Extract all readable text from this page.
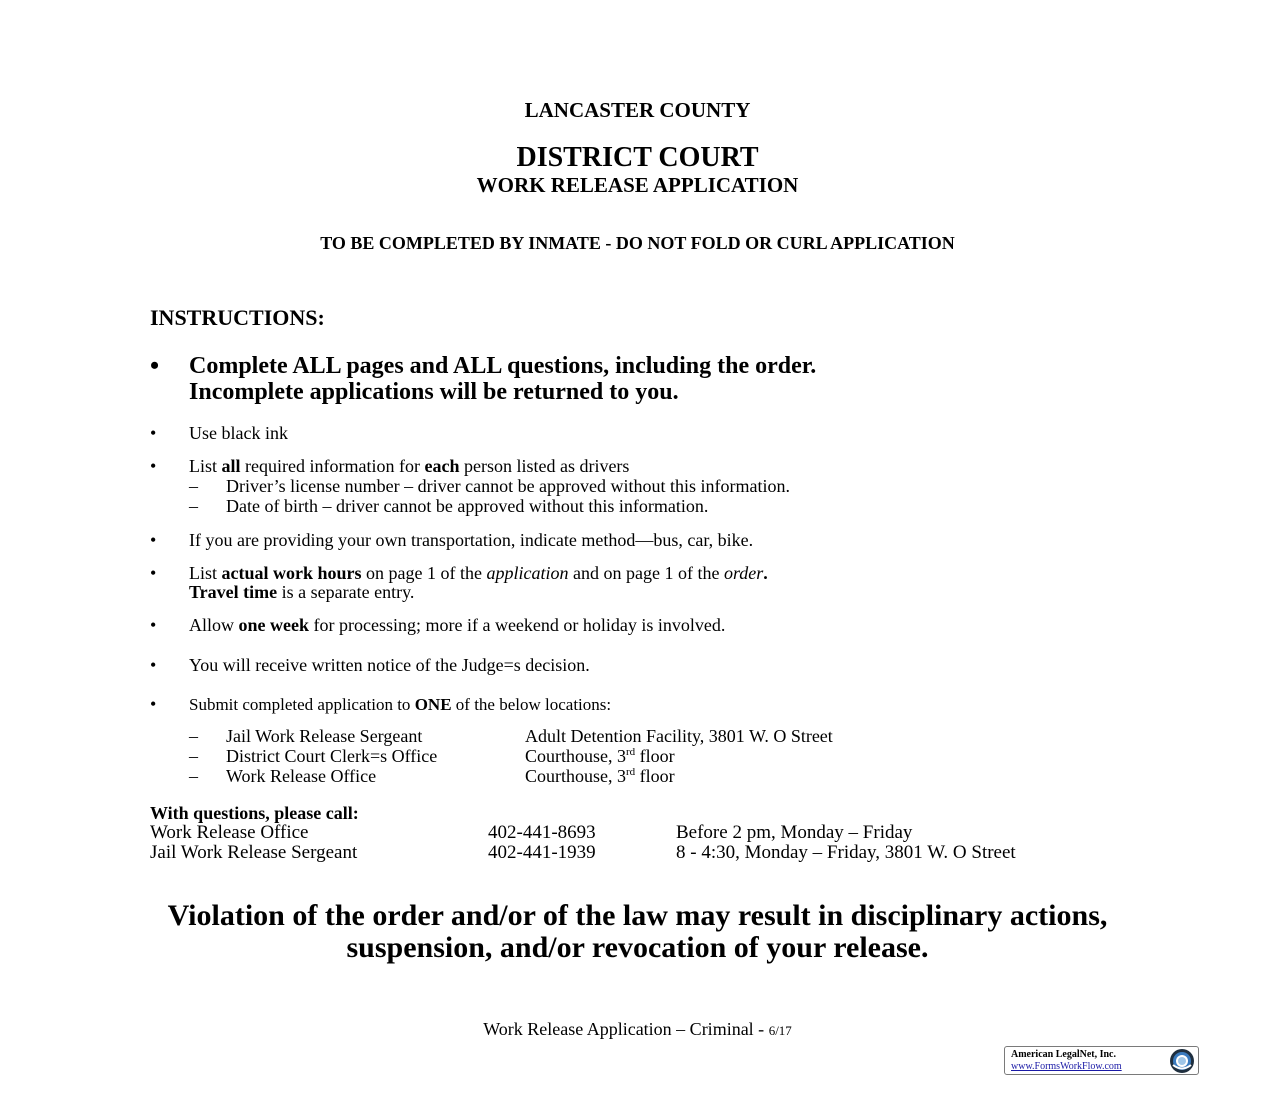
LANCASTER COUNTY
DISTRICT COURT
WORK RELEASE APPLICATION
TO BE COMPLETED BY INMATE - DO NOT FOLD OR CURL APPLICATION
INSTRUCTIONS:
• Complete ALL pages and ALL questions, including the order.
Incomplete applications will be returned to you.
• Use black ink
• List all required information for each person listed as drivers
– Driver’s license number – driver cannot be approved without this information.
– Date of birth – driver cannot be approved without this information.
• If you are providing your own transportation, indicate method—bus, car, bike.
• List actual work hours on page 1 of the application and on page 1 of the order.
Travel time is a separate entry.
• Allow one week for processing; more if a weekend or holiday is involved.
• You will receive written notice of the Judge=s decision.
• Submit completed application to ONE of the below locations:
– Jail Work Release Sergeant	Adult Detention Facility, 3801 W. O Street
– District Court Clerk=s Office	Courthouse, 3rd floor
– Work Release Office	Courthouse, 3rd floor
With questions, please call:
Work Release Office	402-441-8693	Before 2 pm, Monday – Friday
Jail Work Release Sergeant	402-441-1939	8 - 4:30, Monday – Friday, 3801 W. O Street
Violation of the order and/or of the law may result in disciplinary actions, suspension, and/or revocation of your release.
Work Release Application – Criminal - 6/17
American LegalNet, Inc.
www.FormsWorkFlow.com
